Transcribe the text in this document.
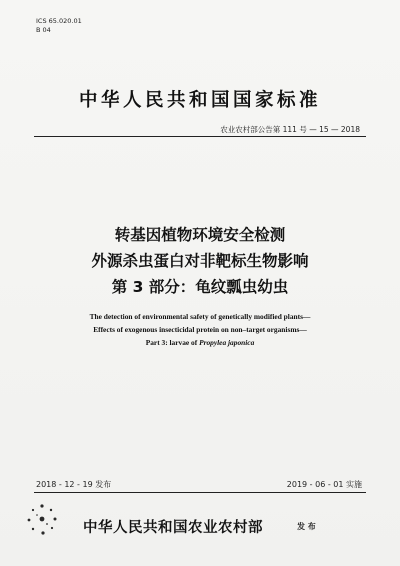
ICS 65.020.01
B 04
中华人民共和国国家标准
农业农村部公告第 111 号 — 15 — 2018
转基因植物环境安全检测
外源杀虫蛋白对非靶标生物影响
第 3 部分：龟纹瓢虫幼虫
The detection of environmental safety of genetically modified plants—
Effects of exogenous insecticidal protein on non–target organisms—
Part 3: larvae of Propylea japonica
2018 - 12 - 19 发布	2019 - 06 - 01 实施
中华人民共和国农业农村部	发 布
